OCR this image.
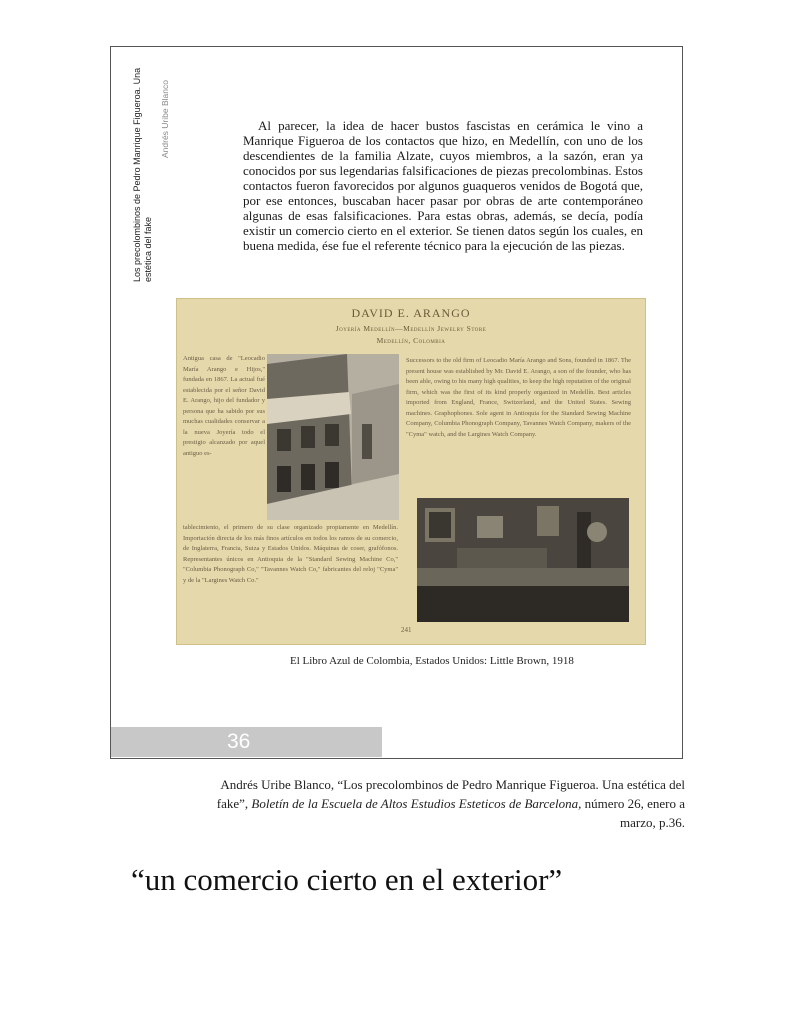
Los precolombinos de Pedro Manrique Figueroa. Una estética del fake
Andrés Uribe Blanco	Al parecer, la idea de hacer bustos fascistas en cerámica le vino a Manrique Figueroa de los contactos que hizo, en Medellín, con uno de los descendientes de la familia Alzate, cuyos miembros, a la sazón, eran ya conocidos por sus legendarias falsificaciones de piezas precolombinas. Estos contactos fueron favorecidos por algunos guaqueros venidos de Bogotá que, por ese entonces, buscaban hacer pasar por obras de arte contemporáneo algunas de esas falsificaciones. Para estas obras, además, se decía, podía existir un comercio cierto en el exterior. Se tienen datos según los cuales, en buena medida, ése fue el referente técnico para la ejecución de las piezas.

DAVID E. ARANGO

Joyería Medellín—Medellín Jewelry Store

Medellín, Colombia

Antigua casa de "Leocadio María Arango e Hijos," fundada en 1867. La actual fué establecida por el señor David E. Arango, hijo del fundador y persona que ha sabido por sus muchas cualidades conservar a la nueva Joyería todo el prestigio alcanzado por aquel antiguo es-

Successors to the old firm of Leocadio María Arango and Sons, founded in 1867. The present house was established by Mr. David E. Arango, a son of the founder, who has been able, owing to his many high qualities, to keep the high reputation of the original firm, which was the first of its kind properly organized in Medellín. Best articles imported from England, France, Switzerland, and the United States. Sewing machines. Graphophones. Sole agent in Antioquia for the Standard Sewing Machine Company, Columbia Phonograph Company, Tavannes Watch Company, makers of the "Cyma" watch, and the Largines Watch Company.

tablecimiento, el primero de su clase organizado propiamente en Medellín. Importación directa de los más finos artículos en todos los ramos de su comercio, de Inglaterra, Francia, Suiza y Estados Unidos. Máquinas de coser, grafófonos. Representantes únicos en Antioquia de la "Standard Sewing Machine Co," "Columbia Phonograph Co," "Tavannes Watch Co," fabricantes del reloj "Cyma" y de la "Largines Watch Co."

241

El Libro Azul de Colombia, Estados Unidos: Little Brown, 1918

36

Andrés Uribe Blanco, “Los precolombinos de Pedro Manrique Figueroa. Una estética del fake”, Boletín de la Escuela de Altos Estudios Esteticos de Barcelona, número 26, enero a marzo, p.36.

“un comercio cierto en el exterior”
